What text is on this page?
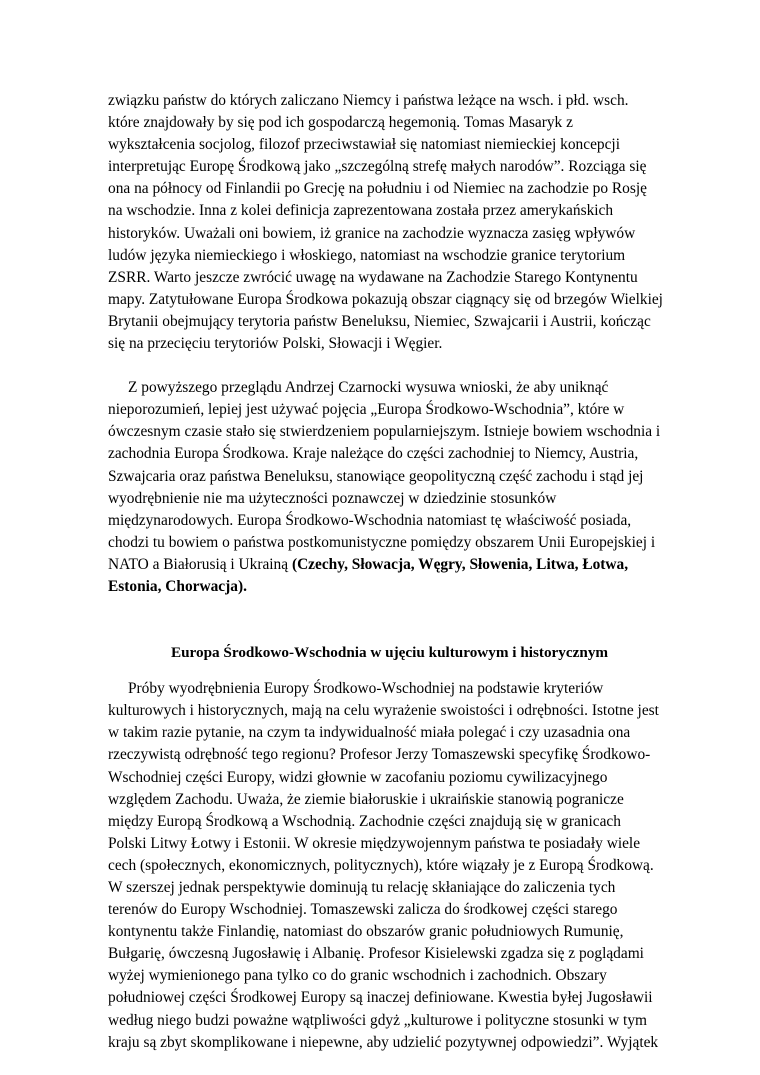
związku państw do których zaliczano Niemcy i państwa leżące na wsch. i płd. wsch. które znajdowały by się pod ich gospodarczą hegemonią. Tomas Masaryk z wykształcenia socjolog, filozof przeciwstawiał się natomiast niemieckiej koncepcji interpretując Europę Środkową jako „szczególną strefę małych narodów”. Rozciąga się ona na północy od Finlandii po Grecję na południu i od Niemiec na zachodzie po Rosję na wschodzie. Inna z kolei definicja zaprezentowana została przez amerykańskich historyków. Uważali oni bowiem, iż granice na zachodzie wyznacza zasięg wpływów ludów języka niemieckiego i włoskiego, natomiast na wschodzie granice terytorium ZSRR. Warto jeszcze zwrócić uwagę na wydawane na Zachodzie Starego Kontynentu mapy. Zatytułowane Europa Środkowa pokazują obszar ciągnący się od brzegów Wielkiej Brytanii obejmujący terytoria państw Beneluksu, Niemiec, Szwajcarii i Austrii, kończąc się na przecięciu terytoriów Polski, Słowacji i Węgier.

Z powyższego przeglądu Andrzej Czarnocki wysuwa wnioski, że aby uniknąć nieporozumień, lepiej jest używać pojęcia „Europa Środkowo-Wschodnia”, które w ówczesnym czasie stało się stwierdzeniem popularniejszym. Istnieje bowiem wschodnia i zachodnia Europa Środkowa. Kraje należące do części zachodniej to Niemcy, Austria, Szwajcaria oraz państwa Beneluksu, stanowiące geopolityczną część zachodu i stąd jej wyodrębnienie nie ma użyteczności poznawczej w dziedzinie stosunków międzynarodowych. Europa Środkowo-Wschodnia natomiast tę właściwość posiada, chodzi tu bowiem o państwa postkomunistyczne pomiędzy obszarem Unii Europejskiej i NATO a Białorusią i Ukrainą (Czechy, Słowacja, Węgry, Słowenia, Litwa, Łotwa, Estonia, Chorwacja).

Europa Środkowo-Wschodnia w ujęciu kulturowym i historycznym

Próby wyodrębnienia Europy Środkowo-Wschodniej na podstawie kryteriów kulturowych i historycznych, mają na celu wyrażenie swoistości i odrębności. Istotne jest w takim razie pytanie, na czym ta indywidualność miała polegać i czy uzasadnia ona rzeczywistą odrębność tego regionu? Profesor Jerzy Tomaszewski specyfikę Środkowo-Wschodniej części Europy, widzi głownie w zacofaniu poziomu cywilizacyjnego względem Zachodu. Uważa, że ziemie białoruskie i ukraińskie stanowią pogranicze między Europą Środkową a Wschodnią. Zachodnie części znajdują się w granicach Polski Litwy Łotwy i Estonii. W okresie międzywojennym państwa te posiadały wiele cech (społecznych, ekonomicznych, politycznych), które wiązały je z Europą Środkową. W szerszej jednak perspektywie dominują tu relację skłaniające do zaliczenia tych terenów do Europy Wschodniej. Tomaszewski zalicza do środkowej części starego kontynentu także Finlandię, natomiast do obszarów granic południowych Rumunię, Bułgarię, ówczesną Jugosławię i Albanię. Profesor Kisielewski zgadza się z poglądami wyżej wymienionego pana tylko co do granic wschodnich i zachodnich. Obszary południowej części Środkowej Europy są inaczej definiowane. Kwestia byłej Jugosławii według niego budzi poważne wątpliwości gdyż „kulturowe i polityczne stosunki w tym kraju są zbyt skomplikowane i niepewne, aby udzielić pozytywnej odpowiedzi”. Wyjątek
